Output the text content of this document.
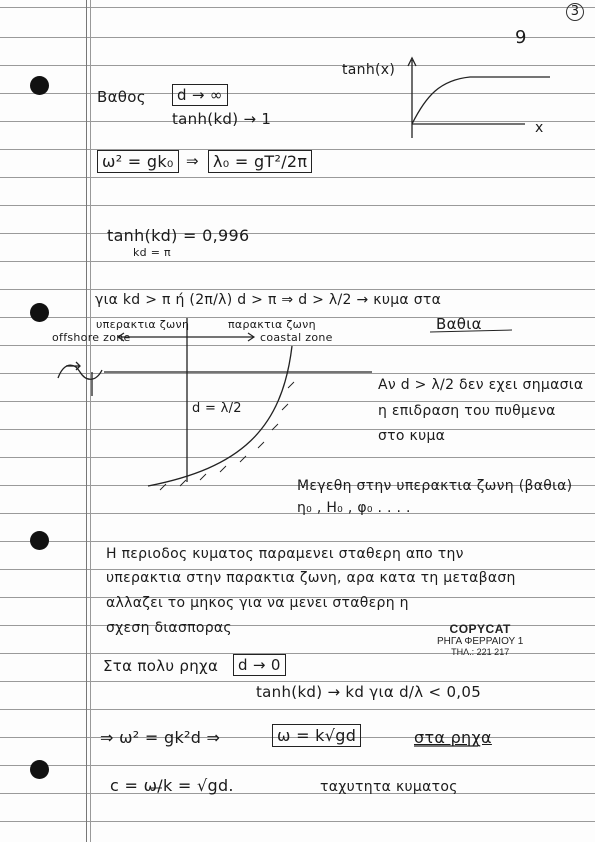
3
9
Βαθος	d → ∞
tanh(kd) → 1
tanh(x)
x
ω² = gk₀ ⇒ λ₀ = gT²/2π
tanh(kd) = 0,996
kd = π
για kd > π ή (2π/λ) d > π ⇒ d > λ/2 → κυμα στα
Βαθια
υπερακτια ζωνη
offshore zone
παρακτια ζωνη
coastal zone
d = λ/2
Αν d > λ/2 δεν εχει σημασια
η επιδραση του πυθμενα
στο κυμα
Μεγεθη στην υπερακτια ζωνη (βαθια)
η₀ , Η₀ , φ₀ . . . .
Η περιοδος κυματος παραμενει σταθερη απο την
υπερακτια στην παρακτια ζωνη, αρα κατα τη μεταβαση
αλλαζει το μηκος για να μενει σταθερη η
σχεση διασπορας	COPYCAT
ΡΗΓΑ ΦΕΡΡΑΙΟΥ 1
ΤΗΛ.: 221 217
Στα πολυ ρηχα	d → 0
tanh(kd) → kd για d/λ < 0,05
⇒ ω² = gk²d ⇒	ω = k√gd	στα ρηχα
c = ω/k = √gd.	ταχυτητα κυματος
